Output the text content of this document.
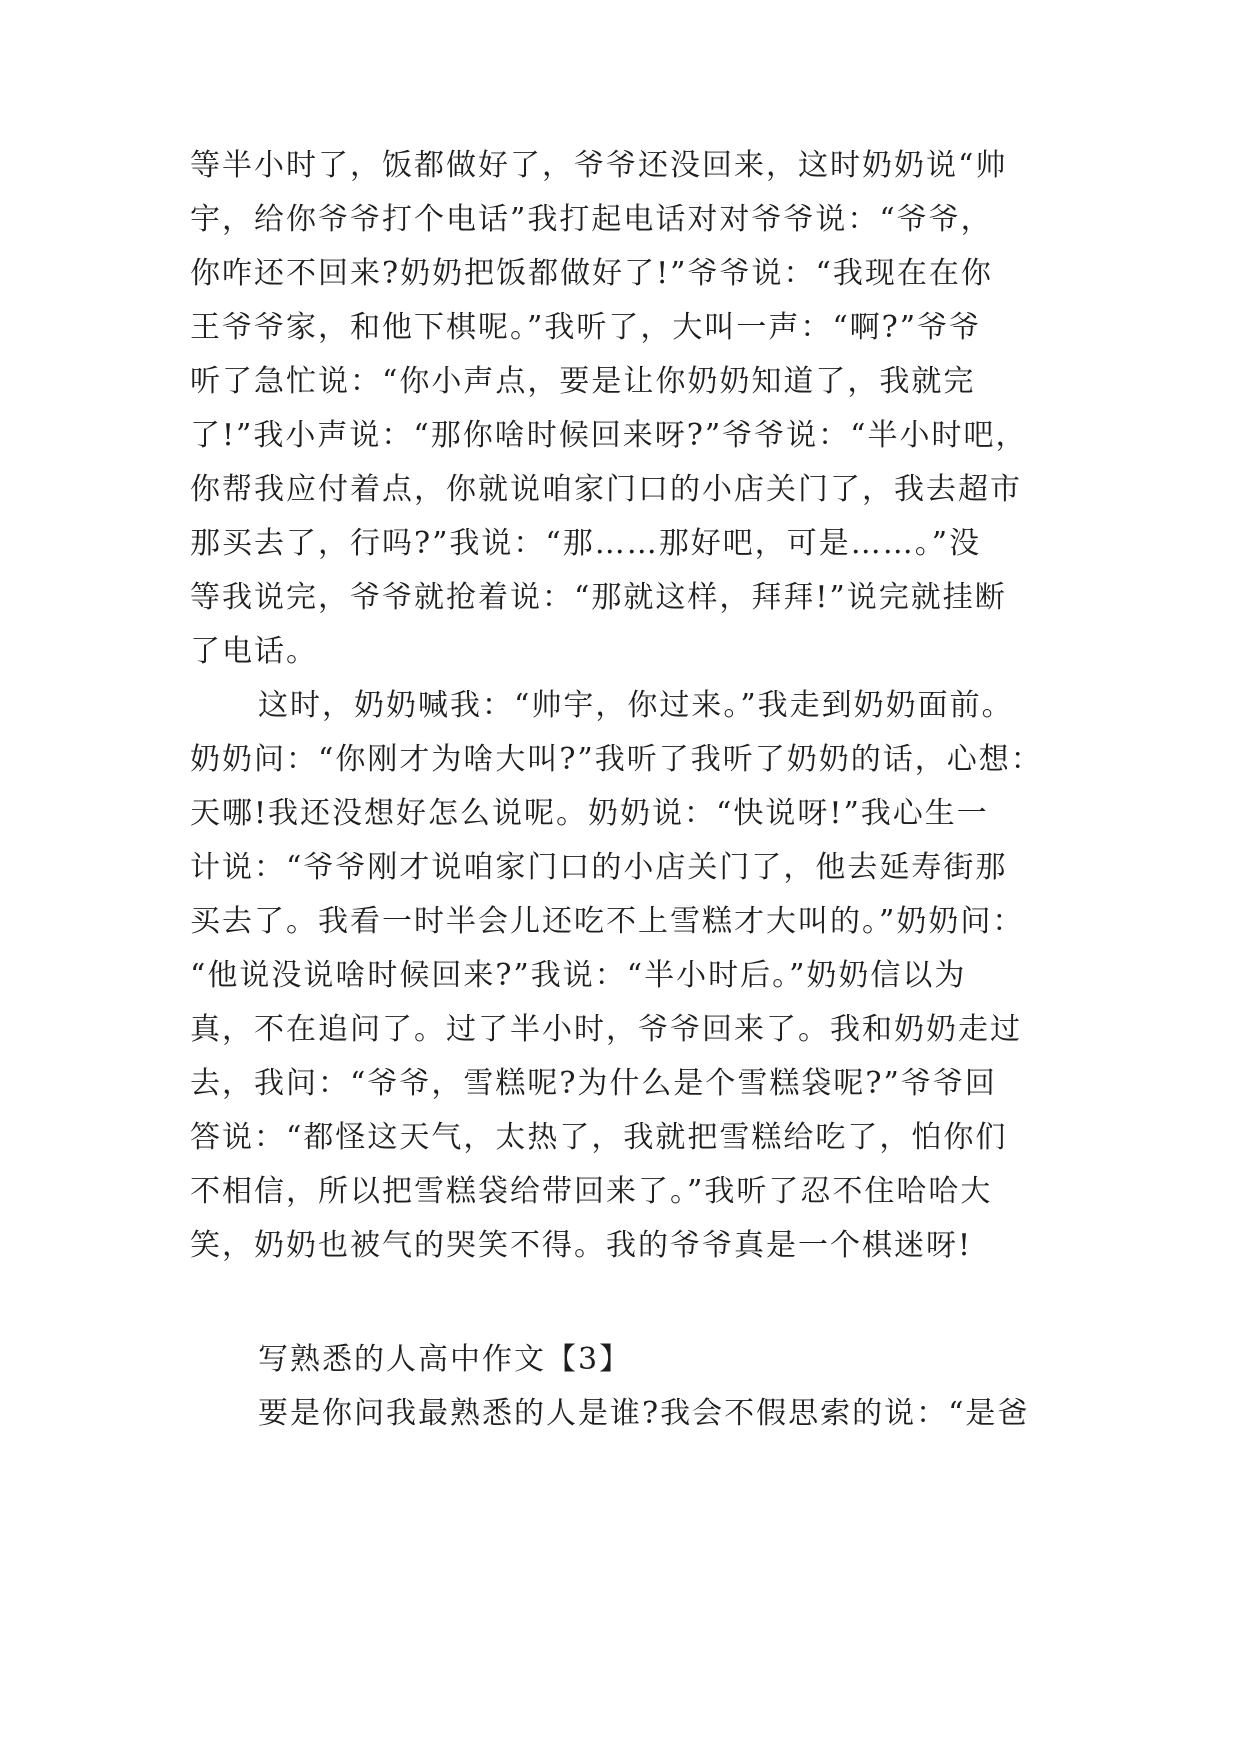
等半小时了，饭都做好了，爷爷还没回来，这时奶奶说“帅
宇，给你爷爷打个电话”我打起电话对对爷爷说：“爷爷，
你咋还不回来?奶奶把饭都做好了!”爷爷说：“我现在在你
王爷爷家，和他下棋呢。”我听了，大叫一声：“啊?”爷爷
听了急忙说：“你小声点，要是让你奶奶知道了，我就完
了!”我小声说：“那你啥时候回来呀?”爷爷说：“半小时吧，
你帮我应付着点，你就说咱家门口的小店关门了，我去超市
那买去了，行吗?”我说：“那……那好吧，可是……。”没
等我说完，爷爷就抢着说：“那就这样，拜拜!”说完就挂断
了电话。
这时，奶奶喊我：“帅宇，你过来。”我走到奶奶面前。
奶奶问：“你刚才为啥大叫?”我听了我听了奶奶的话，心想：
天哪!我还没想好怎么说呢。奶奶说：“快说呀!”我心生一
计说：“爷爷刚才说咱家门口的小店关门了，他去延寿街那
买去了。我看一时半会儿还吃不上雪糕才大叫的。”奶奶问：
“他说没说啥时候回来?”我说：“半小时后。”奶奶信以为
真，不在追问了。过了半小时，爷爷回来了。我和奶奶走过
去，我问：“爷爷，雪糕呢?为什么是个雪糕袋呢?”爷爷回
答说：“都怪这天气，太热了，我就把雪糕给吃了，怕你们
不相信，所以把雪糕袋给带回来了。”我听了忍不住哈哈大
笑，奶奶也被气的哭笑不得。我的爷爷真是一个棋迷呀!
写熟悉的人高中作文【3】
要是你问我最熟悉的人是谁?我会不假思索的说：“是爸
